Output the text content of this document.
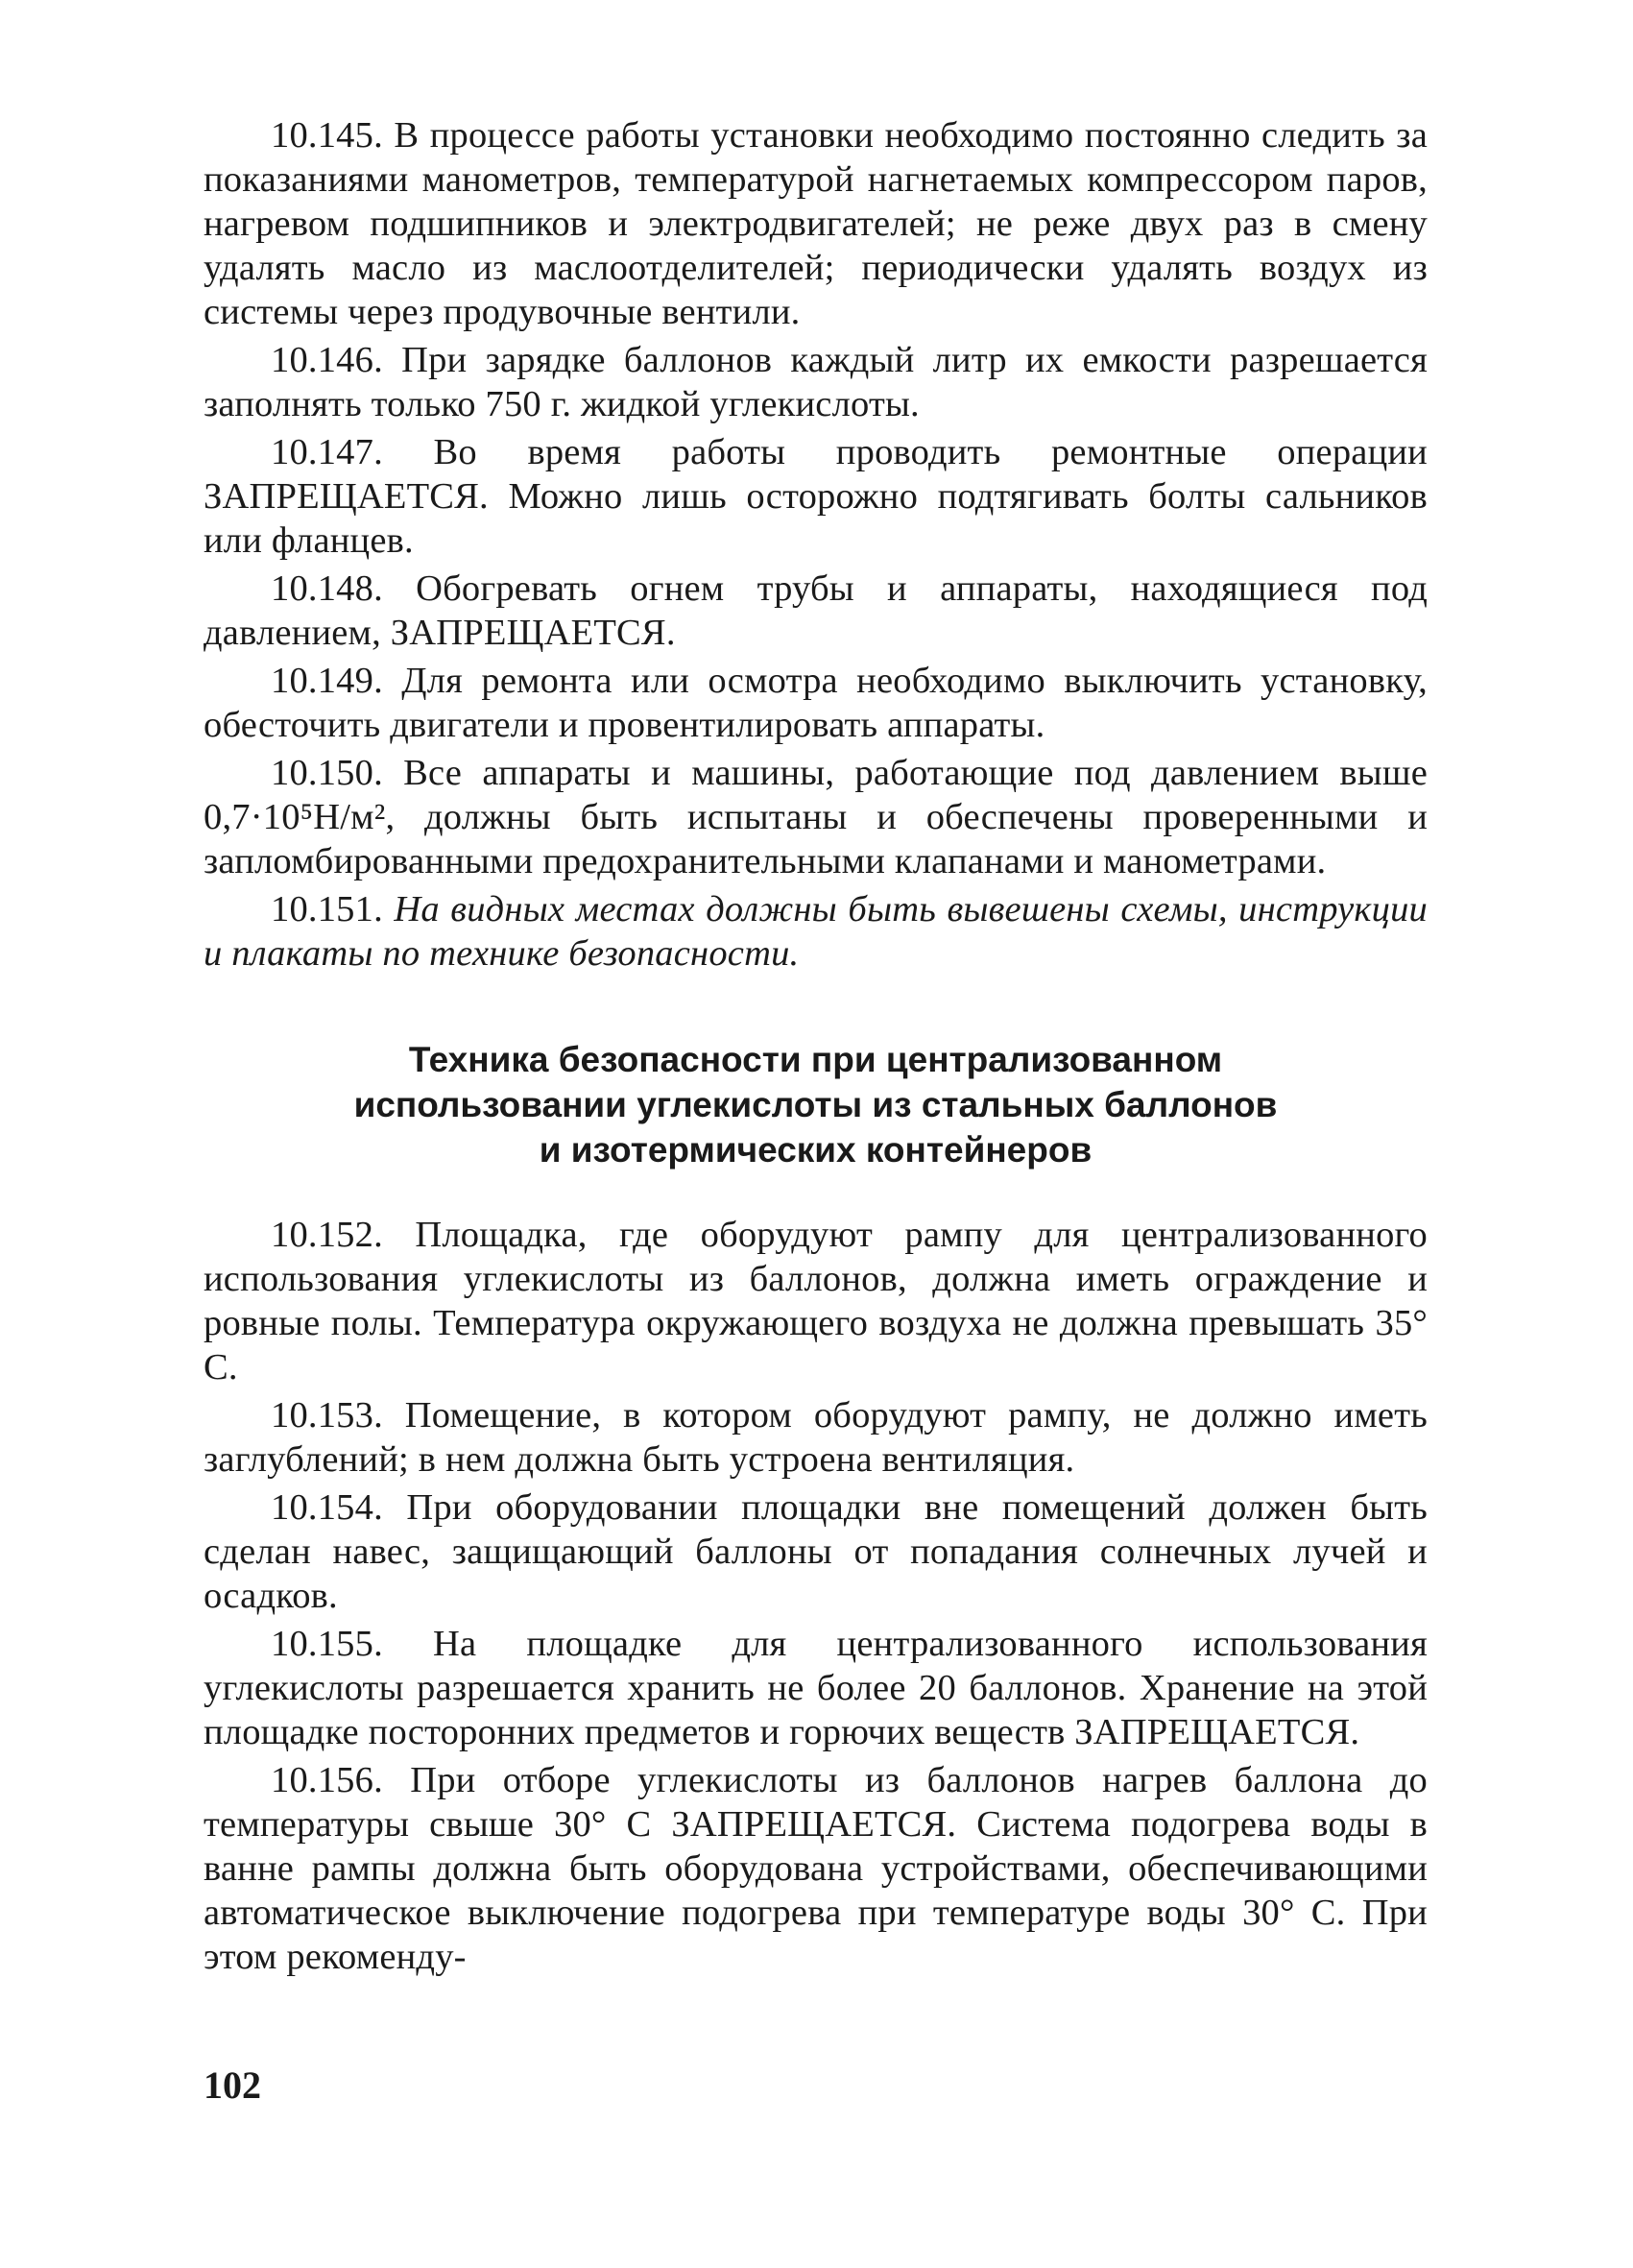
10.145. В процессе работы установки необходимо постоянно следить за показаниями манометров, температурой нагнетаемых компрессором паров, нагревом подшипников и электродвигателей; не реже двух раз в смену удалять масло из маслоотделителей; периодически удалять воздух из системы через продувочные вентили.

10.146. При зарядке баллонов каждый литр их емкости разрешается заполнять только 750 г. жидкой углекислоты.

10.147. Во время работы проводить ремонтные операции ЗАПРЕЩАЕТСЯ. Можно лишь осторожно подтягивать болты сальников или фланцев.

10.148. Обогревать огнем трубы и аппараты, находящиеся под давлением, ЗАПРЕЩАЕТСЯ.

10.149. Для ремонта или осмотра необходимо выключить установку, обесточить двигатели и провентилировать аппараты.

10.150. Все аппараты и машины, работающие под давлением выше 0,7·10⁵Н/м², должны быть испытаны и обеспечены проверенными и запломбированными предохранительными клапанами и манометрами.

10.151. На видных местах должны быть вывешены схемы, инструкции и плакаты по технике безопасности.

Техника безопасности при централизованном
использовании углекислоты из стальных баллонов
и изотермических контейнеров

10.152. Площадка, где оборудуют рампу для централизованного использования углекислоты из баллонов, должна иметь ограждение и ровные полы. Температура окружающего воздуха не должна превышать 35° С.

10.153. Помещение, в котором оборудуют рампу, не должно иметь заглублений; в нем должна быть устроена вентиляция.

10.154. При оборудовании площадки вне помещений должен быть сделан навес, защищающий баллоны от попадания солнечных лучей и осадков.

10.155. На площадке для централизованного использования углекислоты разрешается хранить не более 20 баллонов. Хранение на этой площадке посторонних предметов и горючих веществ ЗАПРЕЩАЕТСЯ.

10.156. При отборе углекислоты из баллонов нагрев баллона до температуры свыше 30° С ЗАПРЕЩАЕТСЯ. Система подогрева воды в ванне рампы должна быть оборудована устройствами, обеспечивающими автоматическое выключение подогрева при температуре воды 30° С. При этом рекоменду-

102
